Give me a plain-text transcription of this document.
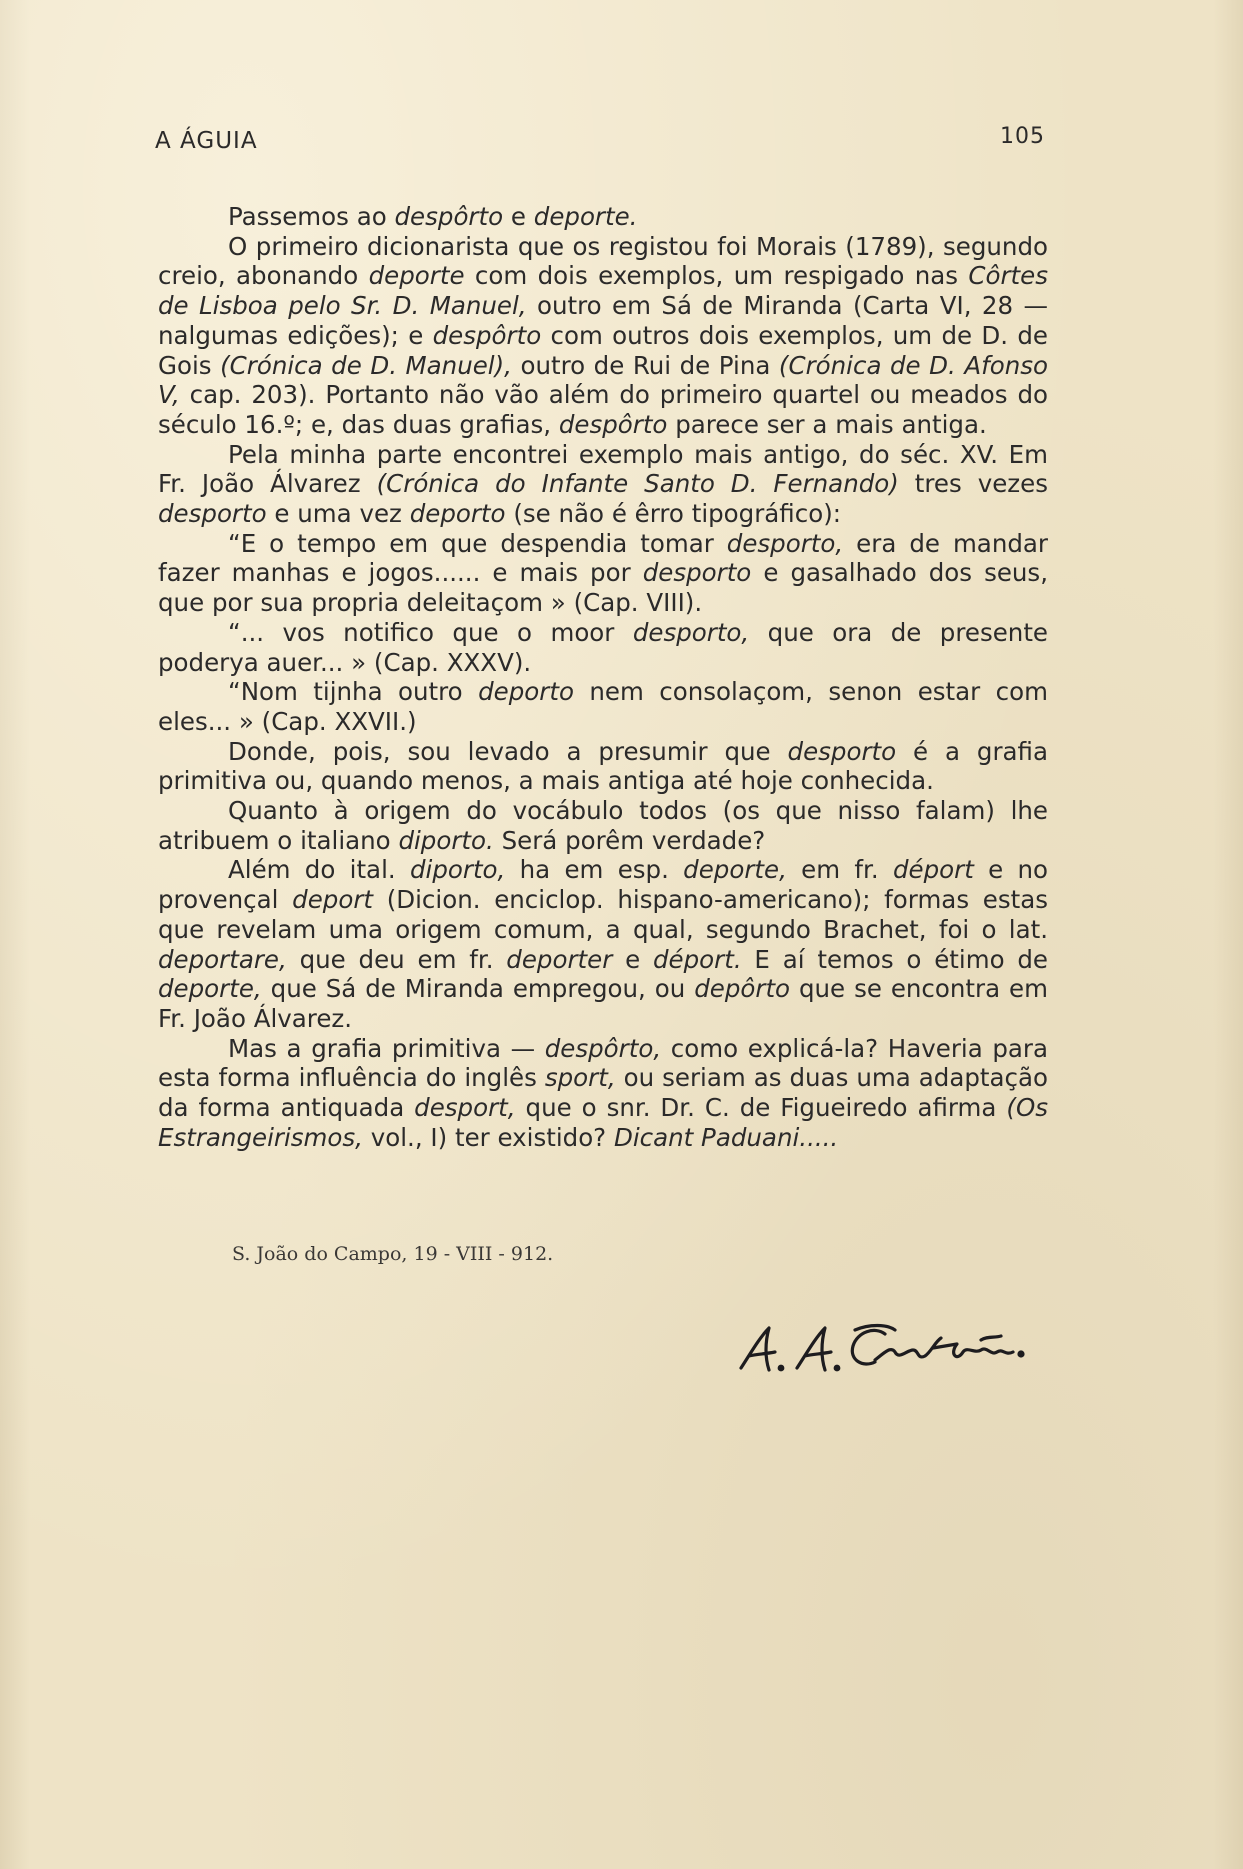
A ÁGUIA	105

Passemos ao despôrto e deporte.

O primeiro dicionarista que os registou foi Morais (1789), segundo creio, abonando deporte com dois exemplos, um respigado nas Côrtes de Lisboa pelo Sr. D. Manuel, outro em Sá de Miranda (Carta VI, 28 — nalgumas edições); e despôrto com outros dois exemplos, um de D. de Gois (Crónica de D. Manuel), outro de Rui de Pina (Crónica de D. Afonso V, cap. 203). Portanto não vão além do primeiro quartel ou meados do século 16.º; e, das duas grafias, despôrto parece ser a mais antiga.

Pela minha parte encontrei exemplo mais antigo, do séc. XV. Em Fr. João Álvarez (Crónica do Infante Santo D. Fernando) tres vezes desporto e uma vez deporto (se não é êrro tipográfico):

“E o tempo em que despendia tomar desporto, era de mandar fazer manhas e jogos...... e mais por desporto e gasalhado dos seus, que por sua propria deleitaçom » (Cap. VIII).

“... vos notifico que o moor desporto, que ora de presente poderya auer... » (Cap. XXXV).

“Nom tijnha outro deporto nem consolaçom, senon estar com eles... » (Cap. XXVII.)

Donde, pois, sou levado a presumir que desporto é a grafia primitiva ou, quando menos, a mais antiga até hoje conhecida.

Quanto à origem do vocábulo todos (os que nisso falam) lhe atribuem o italiano diporto. Será porêm verdade?

Além do ital. diporto, ha em esp. deporte, em fr. déport e no provençal deport (Dicion. enciclop. hispano-americano); formas estas que revelam uma origem comum, a qual, segundo Brachet, foi o lat. deportare, que deu em fr. deporter e déport. E aí temos o étimo de deporte, que Sá de Miranda empregou, ou depôrto que se encontra em Fr. João Álvarez.

Mas a grafia primitiva — despôrto, como explicá-la? Haveria para esta forma influência do inglês sport, ou seriam as duas uma adaptação da forma antiquada desport, que o snr. Dr. C. de Figueiredo afirma (Os Estrangeirismos, vol., I) ter existido? Dicant Paduani.....

S. João do Campo, 19 - VIII - 912.
